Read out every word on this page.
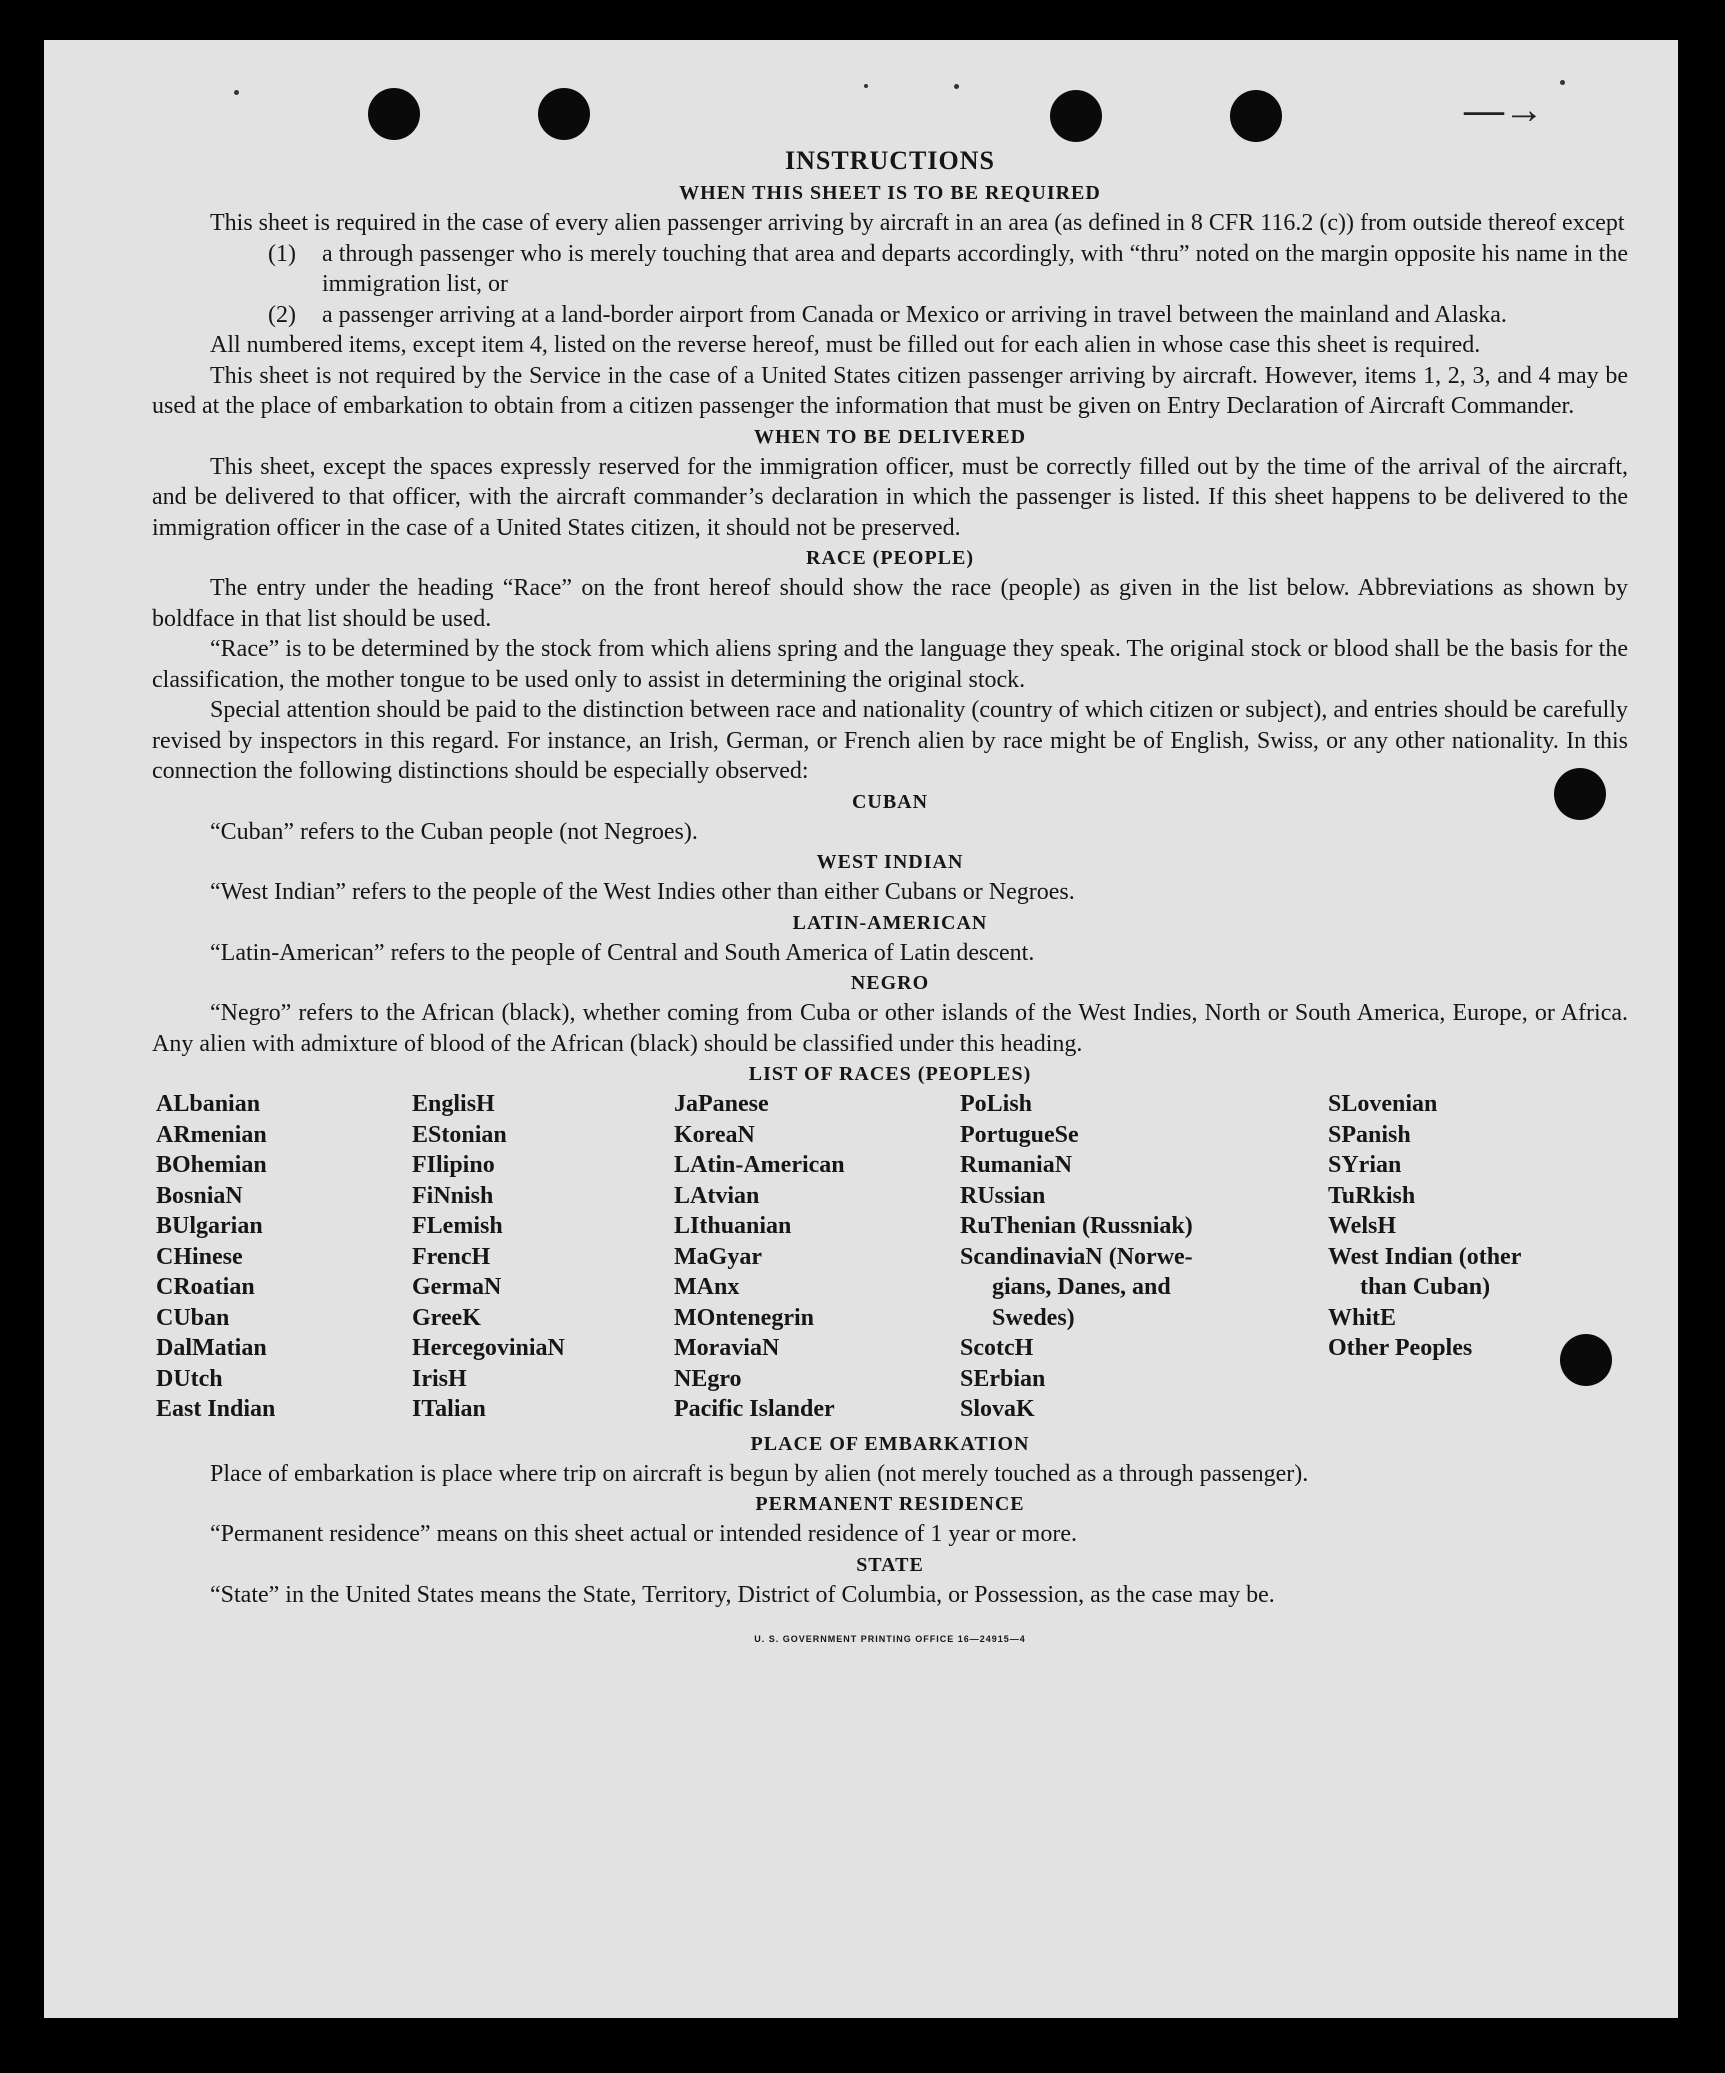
—→

INSTRUCTIONS

WHEN THIS SHEET IS TO BE REQUIRED

This sheet is required in the case of every alien passenger arriving by aircraft in an area (as defined in 8 CFR 116.2 (c)) from outside thereof except

(1) a through passenger who is merely touching that area and departs accordingly, with “thru” noted on the margin opposite his name in the immigration list, or
(2) a passenger arriving at a land-border airport from Canada or Mexico or arriving in travel between the mainland and Alaska.

All numbered items, except item 4, listed on the reverse hereof, must be filled out for each alien in whose case this sheet is required.

This sheet is not required by the Service in the case of a United States citizen passenger arriving by aircraft. However, items 1, 2, 3, and 4 may be used at the place of embarkation to obtain from a citizen passenger the information that must be given on Entry Declaration of Aircraft Commander.

WHEN TO BE DELIVERED

This sheet, except the spaces expressly reserved for the immigration officer, must be correctly filled out by the time of the arrival of the aircraft, and be delivered to that officer, with the aircraft commander’s declaration in which the passenger is listed. If this sheet happens to be delivered to the immigration officer in the case of a United States citizen, it should not be preserved.

RACE (PEOPLE)

The entry under the heading “Race” on the front hereof should show the race (people) as given in the list below. Abbreviations as shown by boldface in that list should be used.

“Race” is to be determined by the stock from which aliens spring and the language they speak. The original stock or blood shall be the basis for the classification, the mother tongue to be used only to assist in determining the original stock.

Special attention should be paid to the distinction between race and nationality (country of which citizen or subject), and entries should be carefully revised by inspectors in this regard. For instance, an Irish, German, or French alien by race might be of English, Swiss, or any other nationality. In this connection the following distinctions should be especially observed:

CUBAN

“Cuban” refers to the Cuban people (not Negroes).

WEST INDIAN

“West Indian” refers to the people of the West Indies other than either Cubans or Negroes.

LATIN-AMERICAN

“Latin-American” refers to the people of Central and South America of Latin descent.

NEGRO

“Negro” refers to the African (black), whether coming from Cuba or other islands of the West Indies, North or South America, Europe, or Africa. Any alien with admixture of blood of the African (black) should be classified under this heading.

LIST OF RACES (PEOPLES)

ALbanian
ARmenian
BOhemian
BosniaN
BUlgarian
CHinese
CRoatian
CUban
DalMatian
DUtch
East Indian
EnglisH
EStonian
FIlipino
FiNnish
FLemish
FrencH
GermaN
GreeK
HercegoviniaN
IrisH
ITalian
JaPanese
KoreaN
LAtin-American
LAtvian
LIthuanian
MaGyar
MAnx
MOntenegrin
MoraviaN
NEgro
Pacific Islander
PoLish
PortugueSe
RumaniaN
RUssian
RuThenian (Russniak)
ScandinaviaN (Norwe-
gians, Danes, and
Swedes)
ScotcH
SErbian
SlovaK
SLovenian
SPanish
SYrian
TuRkish
WelsH
West Indian (other
than Cuban)
WhitE
Other Peoples

PLACE OF EMBARKATION

Place of embarkation is place where trip on aircraft is begun by alien (not merely touched as a through passenger).

PERMANENT RESIDENCE

“Permanent residence” means on this sheet actual or intended residence of 1 year or more.

STATE

“State” in the United States means the State, Territory, District of Columbia, or Possession, as the case may be.

U. S. GOVERNMENT PRINTING OFFICE 16—24915—4
